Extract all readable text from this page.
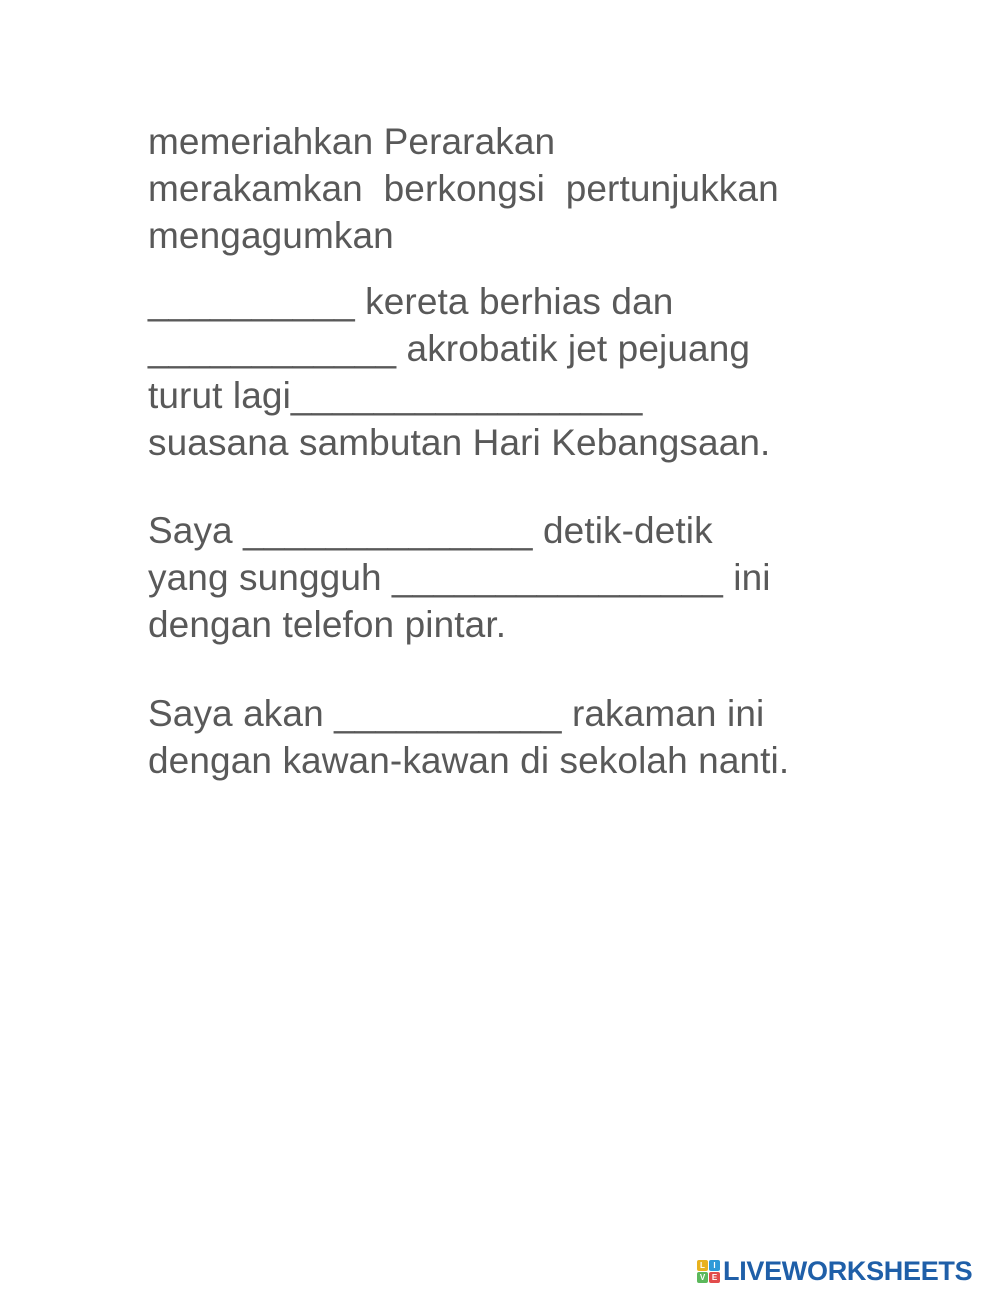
memeriahkan Perarakan
merakamkan  berkongsi  pertunjukkan
mengagumkan
__________ kereta berhias dan
____________ akrobatik jet pejuang
turut lagi_________________
suasana sambutan Hari Kebangsaan.
Saya ______________ detik-detik
yang sungguh ________________ ini
dengan telefon pintar.
Saya akan ___________ rakaman ini
dengan kawan-kawan di sekolah nanti.
L	I
V E LIVEWORKSHEETS
